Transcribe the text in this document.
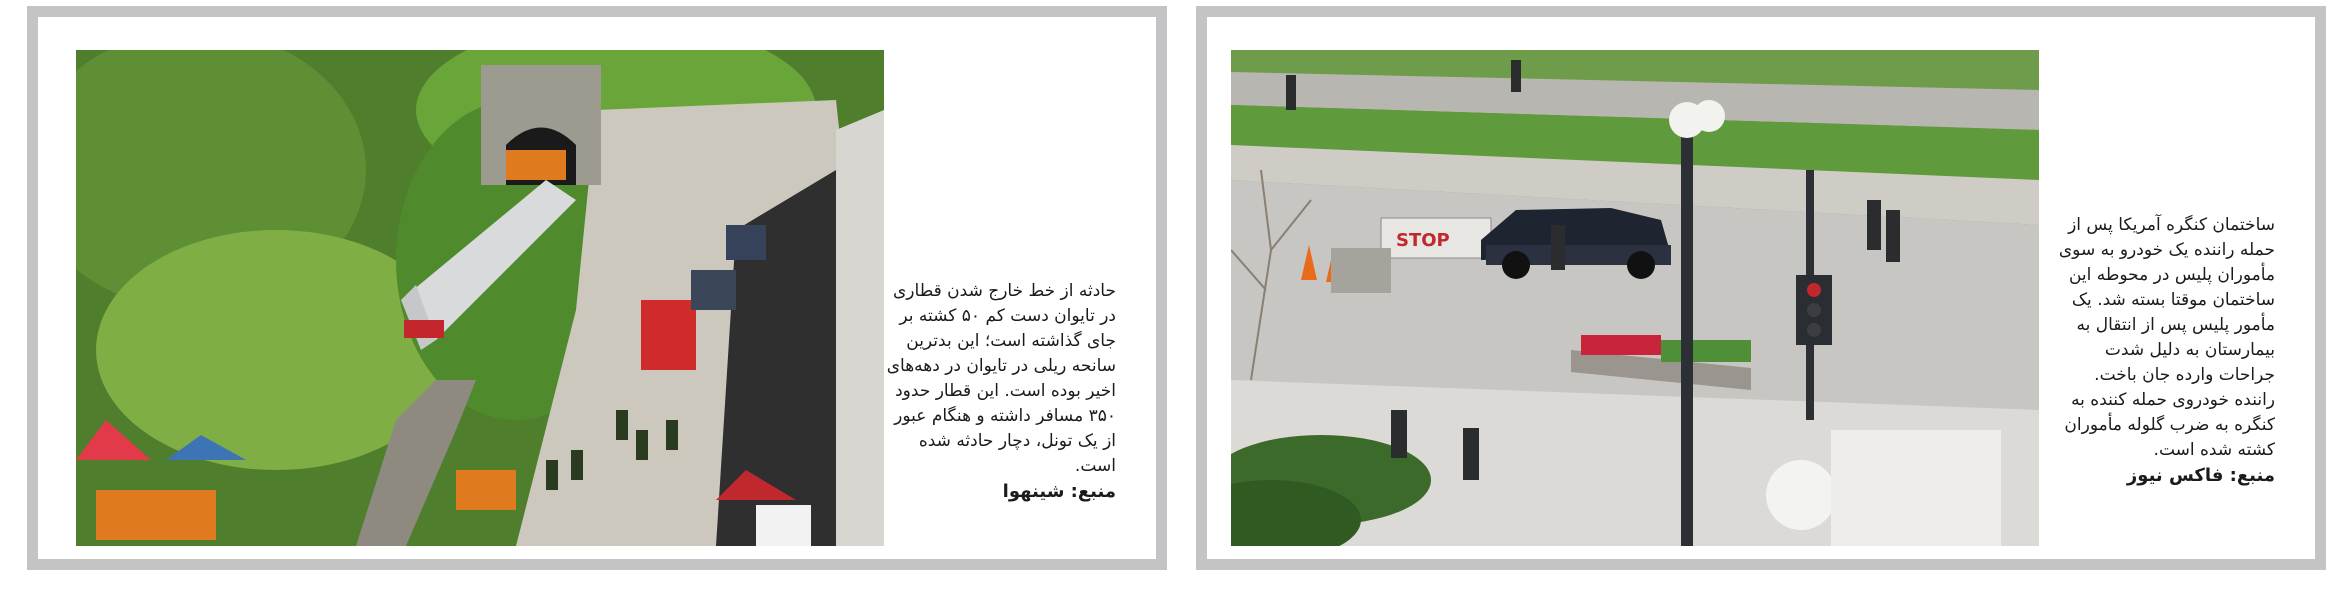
STOP

ساختمان کنگره آمریکا پس از حمله راننده یک خودرو به سوی مأموران پلیس در محوطه این ساختمان موقتا بسته شد. یک مأمور پلیس پس از انتقال به بیمارستان به دلیل شدت جراحات وارده جان باخت. راننده خودروی حمله کننده به کنگره به ضرب گلوله مأموران کشته شده است.

منبع: فاکس نیوز

حادثه از خط خارج شدن قطاری در تایوان دست کم ۵۰ کشته بر جای گذاشته است؛ این بدترین سانحه ریلی در تایوان در دهه‌های اخیر بوده است. این قطار حدود ۳۵۰ مسافر داشته و هنگام عبور از یک تونل، دچار حادثه شده است.

منبع: شینهوا
